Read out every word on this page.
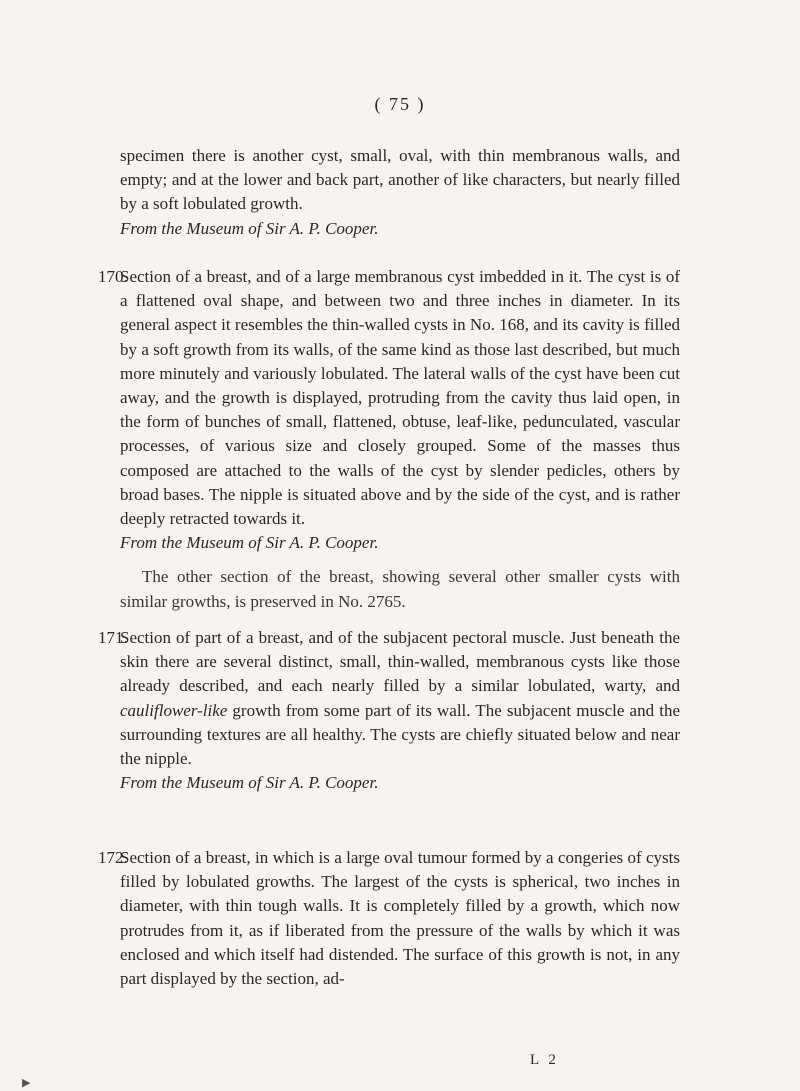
( 75 )

specimen there is another cyst, small, oval, with thin membranous walls, and empty; and at the lower and back part, another of like characters, but nearly filled by a soft lobulated growth.

From the Museum of Sir A. P. Cooper.

170.

Section of a breast, and of a large membranous cyst imbedded in it. The cyst is of a flattened oval shape, and between two and three inches in diameter. In its general aspect it resembles the thin-walled cysts in No. 168, and its cavity is filled by a soft growth from its walls, of the same kind as those last described, but much more minutely and variously lobulated. The lateral walls of the cyst have been cut away, and the growth is displayed, protruding from the cavity thus laid open, in the form of bunches of small, flattened, obtuse, leaf-like, pedunculated, vascular processes, of various size and closely grouped. Some of the masses thus composed are attached to the walls of the cyst by slender pedicles, others by broad bases. The nipple is situated above and by the side of the cyst, and is rather deeply retracted towards it.

From the Museum of Sir A. P. Cooper.

The other section of the breast, showing several other smaller cysts with similar growths, is preserved in No. 2765.

171.

Section of part of a breast, and of the subjacent pectoral muscle. Just beneath the skin there are several distinct, small, thin-walled, membranous cysts like those already described, and each nearly filled by a similar lobulated, warty, and cauliflower-like growth from some part of its wall. The subjacent muscle and the surrounding textures are all healthy. The cysts are chiefly situated below and near the nipple.

From the Museum of Sir A. P. Cooper.

172.

Section of a breast, in which is a large oval tumour formed by a congeries of cysts filled by lobulated growths. The largest of the cysts is spherical, two inches in diameter, with thin tough walls. It is completely filled by a growth, which now protrudes from it, as if liberated from the pressure of the walls by which it was enclosed and which itself had distended. The surface of this growth is not, in any part displayed by the section, ad-

L 2
▶
